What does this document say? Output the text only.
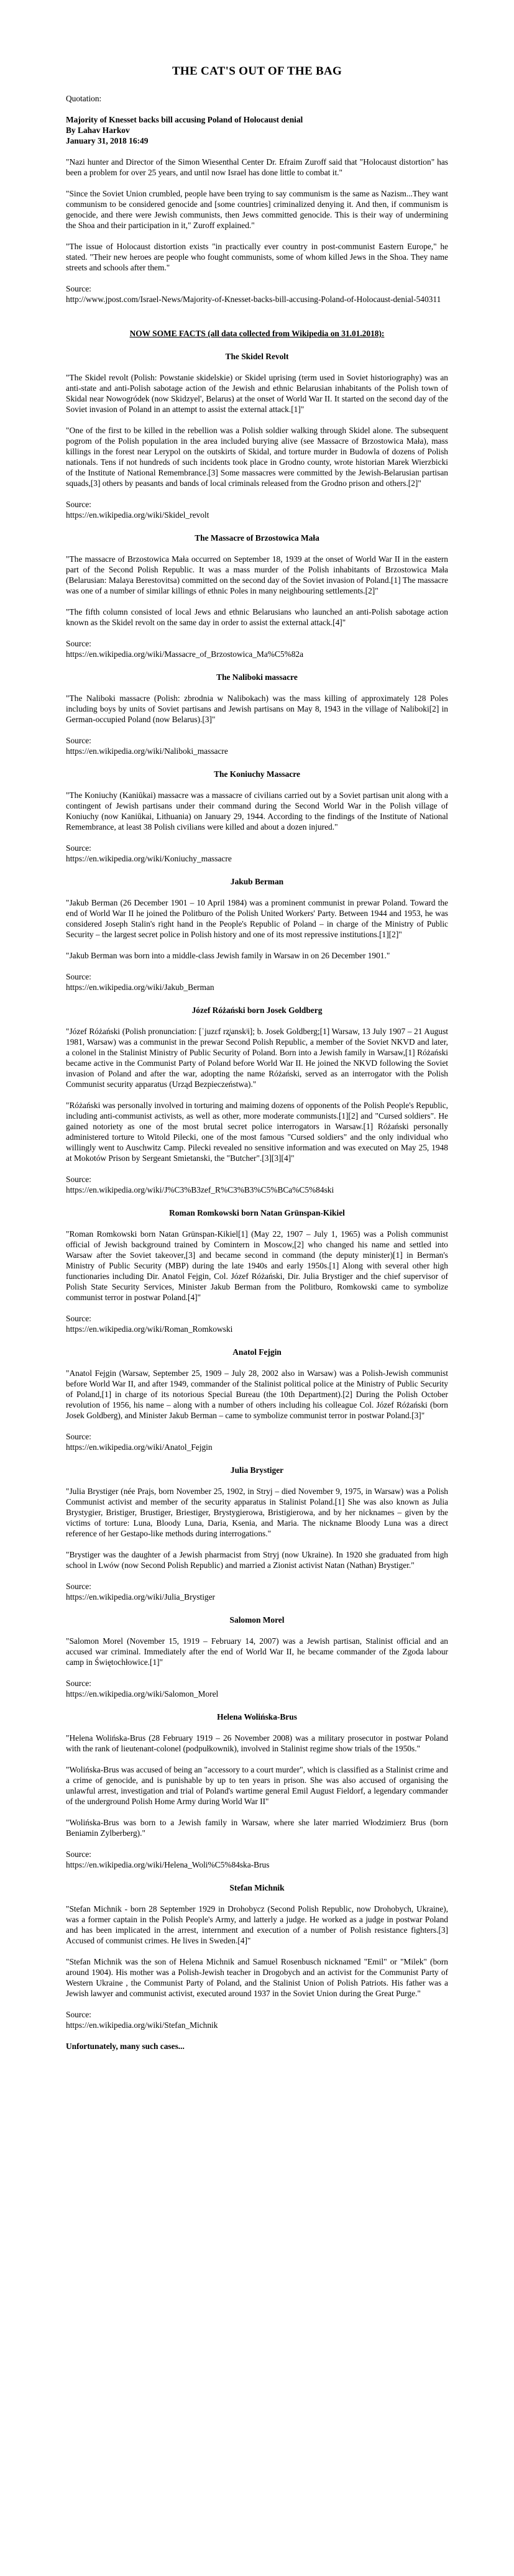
THE CAT'S OUT OF THE BAG

Quotation:

Majority of Knesset backs bill accusing Poland of Holocaust denial

By Lahav Harkov

January 31, 2018 16:49

"Nazi hunter and Director of the Simon Wiesenthal Center Dr. Efraim Zuroff said that "Holocaust distortion" has been a problem for over 25 years, and until now Israel has done little to combat it."

"Since the Soviet Union crumbled, people have been trying to say communism is the same as Nazism...They want communism to be considered genocide and [some countries] criminalized denying it. And then, if communism is genocide, and there were Jewish communists, then Jews committed genocide. This is their way of undermining the Shoa and their participation in it," Zuroff explained."

"The issue of Holocaust distortion exists "in practically ever country in post-communist Eastern Europe," he stated. "Their new heroes are people who fought communists, some of whom killed Jews in the Shoa. They name streets and schools after them."

Source:

http://www.jpost.com/Israel-News/Majority-of-Knesset-backs-bill-accusing-Poland-of-Holocaust-denial-540311

NOW SOME FACTS (all data collected from Wikipedia on 31.01.2018):

The Skidel Revolt

"The Skidel revolt (Polish: Powstanie skidelskie) or Skidel uprising (term used in Soviet historiography) was an anti-state and anti-Polish sabotage action of the Jewish and ethnic Belarusian inhabitants of the Polish town of Skidal near Nowogródek (now Skidzyel', Belarus) at the onset of World War II. It started on the second day of the Soviet invasion of Poland in an attempt to assist the external attack.[1]"

"One of the first to be killed in the rebellion was a Polish soldier walking through Skidel alone. The subsequent pogrom of the Polish population in the area included burying alive (see Massacre of Brzostowica Mała), mass killings in the forest near Lerypol on the outskirts of Skidal, and torture murder in Budowla of dozens of Polish nationals. Tens if not hundreds of such incidents took place in Grodno county, wrote historian Marek Wierzbicki of the Institute of National Remembrance.[3] Some massacres were committed by the Jewish-Belarusian partisan squads,[3] others by peasants and bands of local criminals released from the Grodno prison and others.[2]"

Source:

https://en.wikipedia.org/wiki/Skidel_revolt

The Massacre of Brzostowica Mała

"The massacre of Brzostowica Mała occurred on September 18, 1939 at the onset of World War II in the eastern part of the Second Polish Republic. It was a mass murder of the Polish inhabitants of Brzostowica Mała (Belarusian: Malaya Berestovitsa) committed on the second day of the Soviet invasion of Poland.[1] The massacre was one of a number of similar killings of ethnic Poles in many neighbouring settlements.[2]"

"The fifth column consisted of local Jews and ethnic Belarusians who launched an anti-Polish sabotage action known as the Skidel revolt on the same day in order to assist the external attack.[4]"

Source:

https://en.wikipedia.org/wiki/Massacre_of_Brzostowica_Ma%C5%82a

The Naliboki massacre

"The Naliboki massacre (Polish: zbrodnia w Nalibokach) was the mass killing of approximately 128 Poles including boys by units of Soviet partisans and Jewish partisans on May 8, 1943 in the village of Naliboki[2] in German-occupied Poland (now Belarus).[3]"

Source:

https://en.wikipedia.org/wiki/Naliboki_massacre

The Koniuchy Massacre

"The Koniuchy (Kaniūkai) massacre was a massacre of civilians carried out by a Soviet partisan unit along with a contingent of Jewish partisans under their command during the Second World War in the Polish village of Koniuchy (now Kaniūkai, Lithuania) on January 29, 1944. According to the findings of the Institute of National Remembrance, at least 38 Polish civilians were killed and about a dozen injured."

Source:

https://en.wikipedia.org/wiki/Koniuchy_massacre

Jakub Berman

"Jakub Berman (26 December 1901 – 10 April 1984) was a prominent communist in prewar Poland. Toward the end of World War II he joined the Politburo of the Polish United Workers' Party. Between 1944 and 1953, he was considered Joseph Stalin's right hand in the People's Republic of Poland – in charge of the Ministry of Public Security – the largest secret police in Polish history and one of its most repressive institutions.[1][2]"

"Jakub Berman was born into a middle-class Jewish family in Warsaw in on 26 December 1901."

Source:

https://en.wikipedia.org/wiki/Jakub_Berman

Józef Różański born Josek Goldberg

"Józef Różański (Polish pronunciation: [ˈjuzɛf rʐ̥ʲanskʲi]; b. Josek Goldberg;[1] Warsaw, 13 July 1907 – 21 August 1981, Warsaw) was a communist in the prewar Second Polish Republic, a member of the Soviet NKVD and later, a colonel in the Stalinist Ministry of Public Security of Poland. Born into a Jewish family in Warsaw,[1] Różański became active in the Communist Party of Poland before World War II. He joined the NKVD following the Soviet invasion of Poland and after the war, adopting the name Różański, served as an interrogator with the Polish Communist security apparatus (Urząd Bezpieczeństwa)."

"Różański was personally involved in torturing and maiming dozens of opponents of the Polish People's Republic, including anti-communist activists, as well as other, more moderate communists.[1][2] and "Cursed soldiers". He gained notoriety as one of the most brutal secret police interrogators in Warsaw.[1] Różański personally administered torture to Witold Pilecki, one of the most famous "Cursed soldiers" and the only individual who willingly went to Auschwitz Camp. Pilecki revealed no sensitive information and was executed on May 25, 1948 at Mokotów Prison by Sergeant Smietanski, the "Butcher".[3][3][4]"

Source:

https://en.wikipedia.org/wiki/J%C3%B3zef_R%C3%B3%C5%BCa%C5%84ski

Roman Romkowski born Natan Grünspan-Kikiel

"Roman Romkowski born Natan Grünspan-Kikiel[1] (May 22, 1907 – July 1, 1965) was a Polish communist official of Jewish background trained by Comintern in Moscow,[2] who changed his name and settled into Warsaw after the Soviet takeover,[3] and became second in command (the deputy minister)[1] in Berman's Ministry of Public Security (MBP) during the late 1940s and early 1950s.[1] Along with several other high functionaries including Dir. Anatol Fejgin, Col. Józef Różański, Dir. Julia Brystiger and the chief supervisor of Polish State Security Services, Minister Jakub Berman from the Politburo, Romkowski came to symbolize communist terror in postwar Poland.[4]"

Source:

https://en.wikipedia.org/wiki/Roman_Romkowski

Anatol Fejgin

"Anatol Fejgin (Warsaw, September 25, 1909 – July 28, 2002 also in Warsaw) was a Polish-Jewish communist before World War II, and after 1949, commander of the Stalinist political police at the Ministry of Public Security of Poland,[1] in charge of its notorious Special Bureau (the 10th Department).[2] During the Polish October revolution of 1956, his name – along with a number of others including his colleague Col. Józef Różański (born Josek Goldberg), and Minister Jakub Berman – came to symbolize communist terror in postwar Poland.[3]"

Source:

https://en.wikipedia.org/wiki/Anatol_Fejgin

Julia Brystiger

"Julia Brystiger (née Prajs, born November 25, 1902, in Stryj – died November 9, 1975, in Warsaw) was a Polish Communist activist and member of the security apparatus in Stalinist Poland.[1] She was also known as Julia Brystygier, Bristiger, Brustiger, Briestiger, Brystygierowa, Bristigierowa, and by her nicknames – given by the victims of torture: Luna, Bloody Luna, Daria, Ksenia, and Maria. The nickname Bloody Luna was a direct reference of her Gestapo-like methods during interrogations."

"Brystiger was the daughter of a Jewish pharmacist from Stryj (now Ukraine). In 1920 she graduated from high school in Lwów (now Second Polish Republic) and married a Zionist activist Natan (Nathan) Brystiger."

Source:

https://en.wikipedia.org/wiki/Julia_Brystiger

Salomon Morel

"Salomon Morel (November 15, 1919 – February 14, 2007) was a Jewish partisan, Stalinist official and an accused war criminal. Immediately after the end of World War II, he became commander of the Zgoda labour camp in Świętochłowice.[1]"

Source:

https://en.wikipedia.org/wiki/Salomon_Morel

Helena Wolińska-Brus

"Helena Wolińska-Brus (28 February 1919 – 26 November 2008) was a military prosecutor in postwar Poland with the rank of lieutenant-colonel (podpułkownik), involved in Stalinist regime show trials of the 1950s."

"Wolińska-Brus was accused of being an "accessory to a court murder", which is classified as a Stalinist crime and a crime of genocide, and is punishable by up to ten years in prison. She was also accused of organising the unlawful arrest, investigation and trial of Poland's wartime general Emil August Fieldorf, a legendary commander of the underground Polish Home Army during World War II"

"Wolińska-Brus was born to a Jewish family in Warsaw, where she later married Włodzimierz Brus (born Beniamin Zylberberg)."

Source:

https://en.wikipedia.org/wiki/Helena_Woli%C5%84ska-Brus

Stefan Michnik

"Stefan Michnik - born 28 September 1929 in Drohobycz (Second Polish Republic, now Drohobych, Ukraine), was a former captain in the Polish People's Army, and latterly a judge. He worked as a judge in postwar Poland and has been implicated in the arrest, internment and execution of a number of Polish resistance fighters.[3] Accused of communist crimes. He lives in Sweden.[4]"

"Stefan Michnik was the son of Helena Michnik and Samuel Rosenbusch nicknamed "Emil" or "Milek" (born around 1904). His mother was a Polish-Jewish teacher in Drogobych and an activist for the Communist Party of Western Ukraine , the Communist Party of Poland, and the Stalinist Union of Polish Patriots. His father was a Jewish lawyer and communist activist, executed around 1937 in the Soviet Union during the Great Purge."

Source:

https://en.wikipedia.org/wiki/Stefan_Michnik

Unfortunately, many such cases...
